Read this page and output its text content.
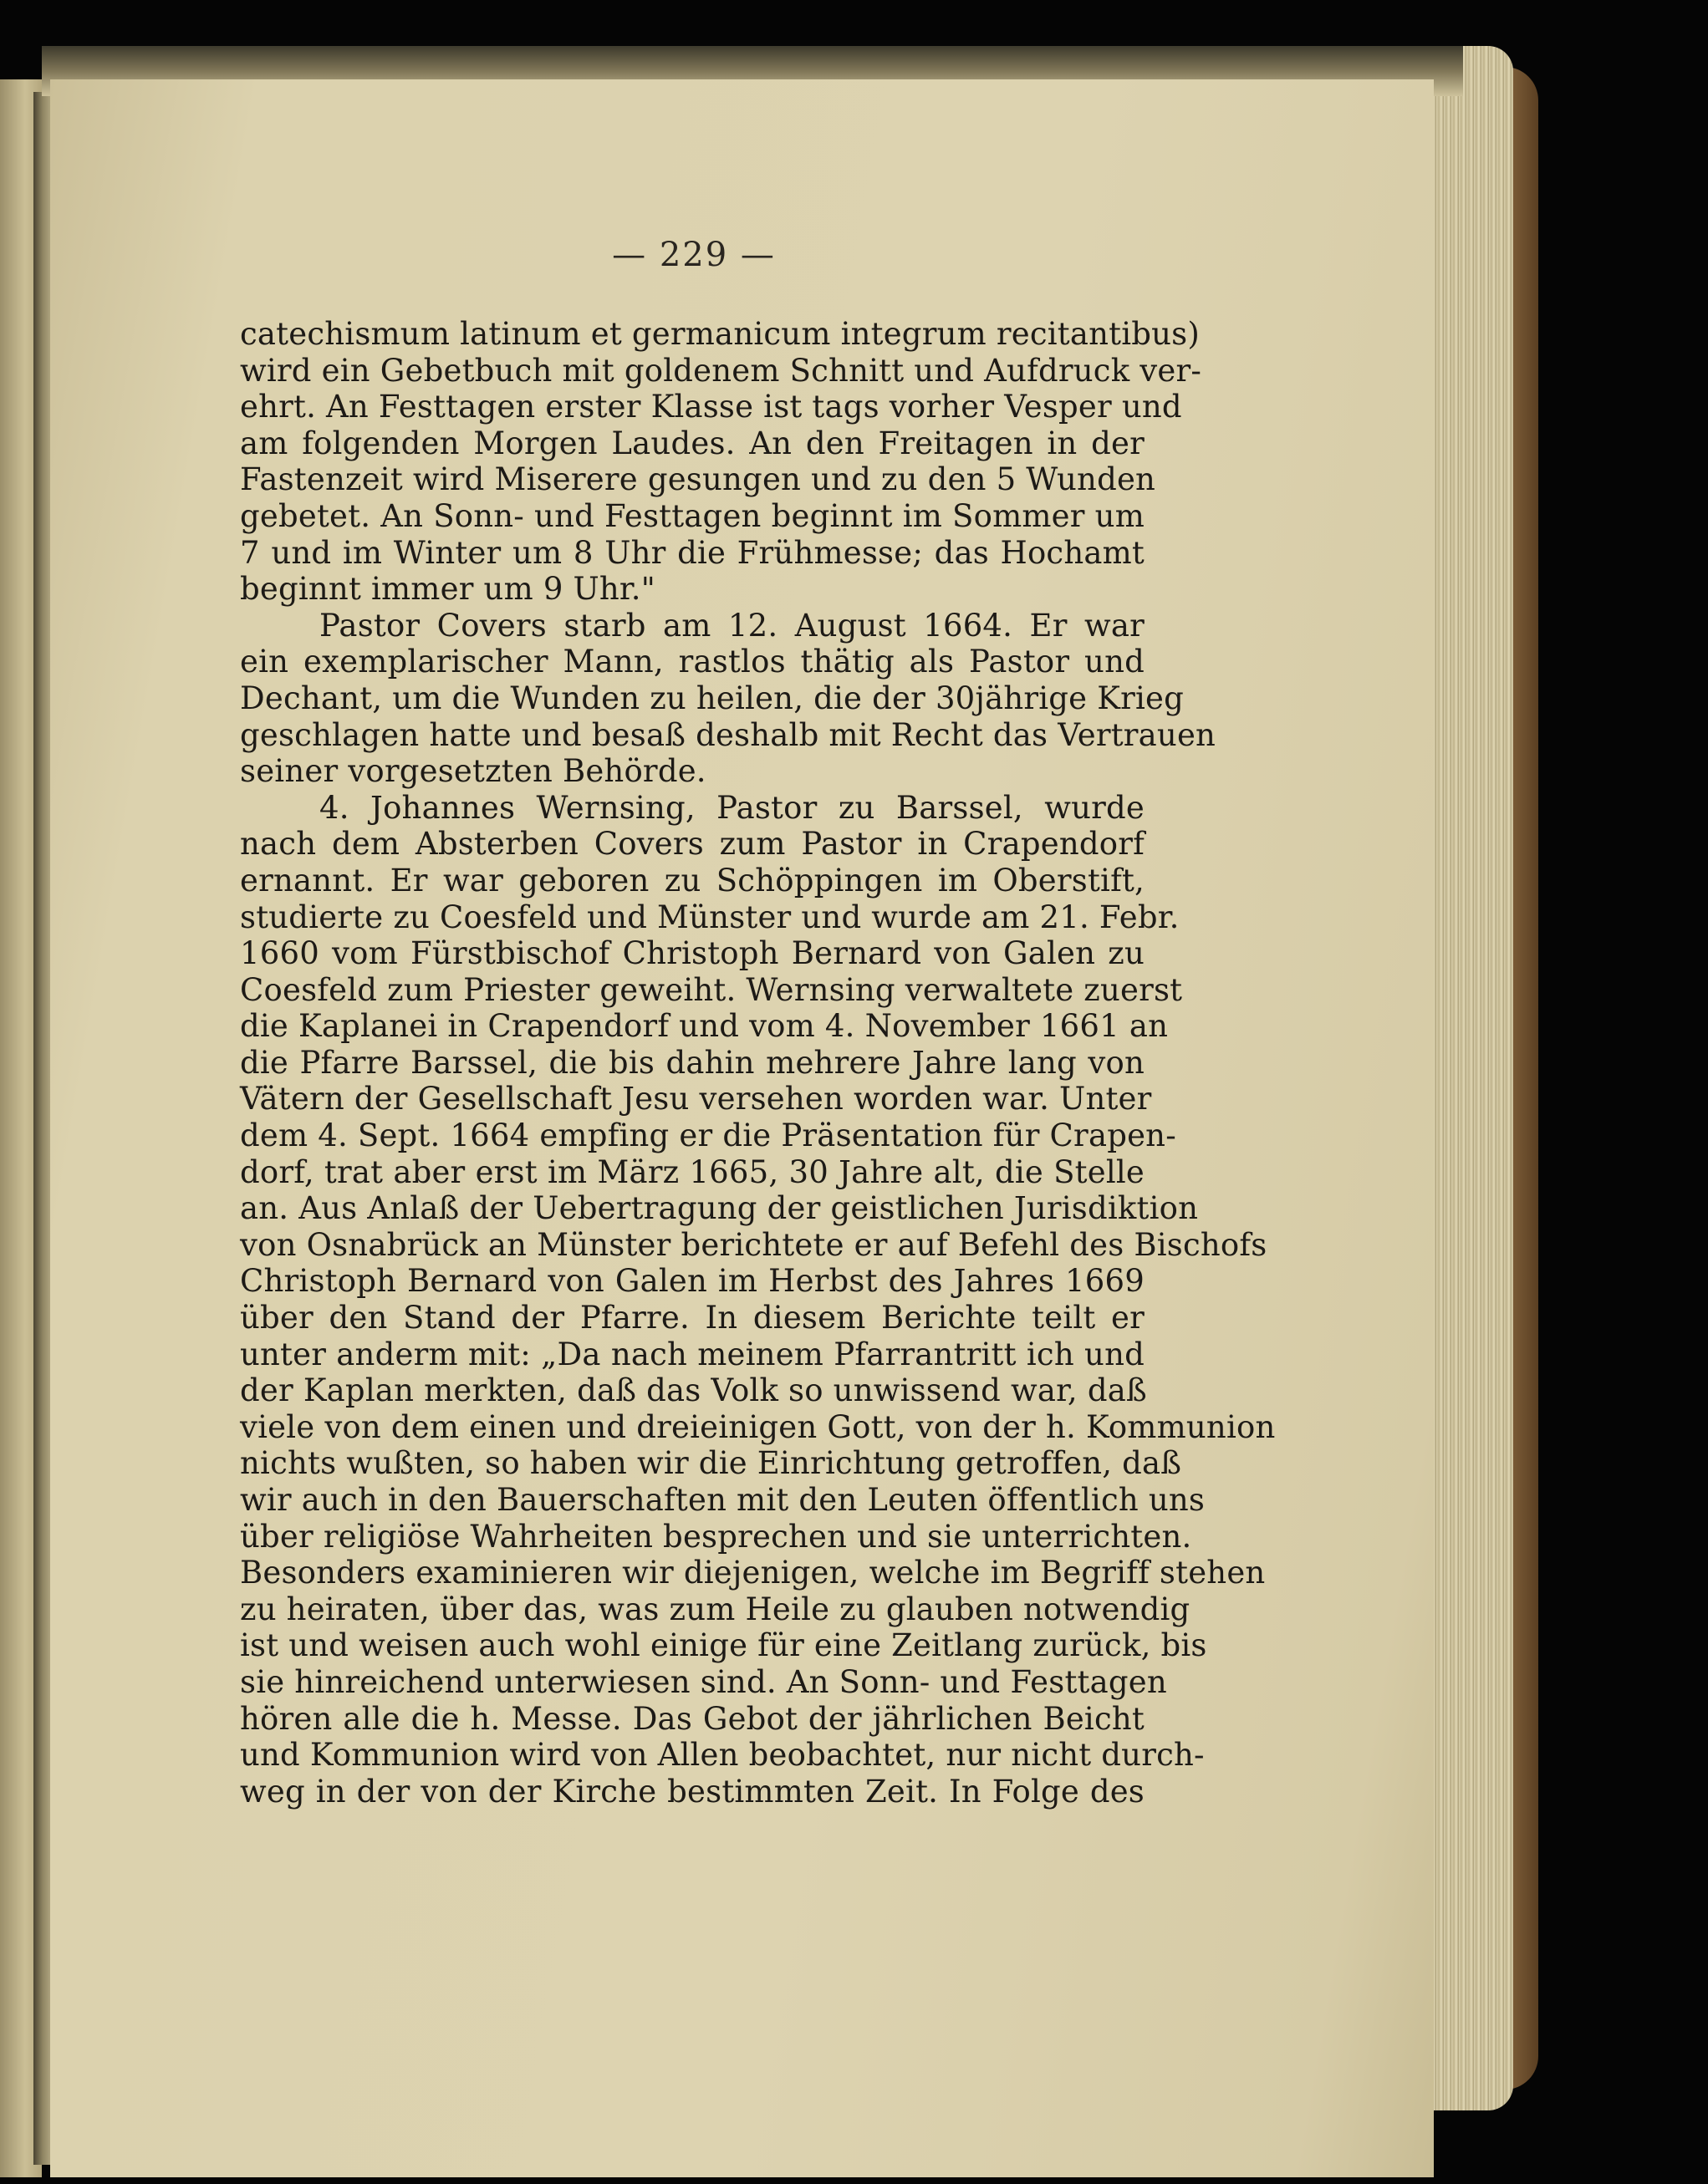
— 229 —
catechismum latinum et germanicum integrum recitantibus)
wird ein Gebetbuch mit goldenem Schnitt und Aufdruck ver-
ehrt. An Festtagen erster Klasse ist tags vorher Vesper und
am folgenden Morgen Laudes. An den Freitagen in der
Fastenzeit wird Miserere gesungen und zu den 5 Wunden
gebetet. An Sonn- und Festtagen beginnt im Sommer um
7 und im Winter um 8 Uhr die Frühmesse; das Hochamt
beginnt immer um 9 Uhr."
Pastor Covers starb am 12. August 1664. Er war
ein exemplarischer Mann, rastlos thätig als Pastor und
Dechant, um die Wunden zu heilen, die der 30jährige Krieg
geschlagen hatte und besaß deshalb mit Recht das Vertrauen
seiner vorgesetzten Behörde.
4. Johannes Wernsing, Pastor zu Barssel, wurde
nach dem Absterben Covers zum Pastor in Crapendorf
ernannt. Er war geboren zu Schöppingen im Oberstift,
studierte zu Coesfeld und Münster und wurde am 21. Febr.
1660 vom Fürstbischof Christoph Bernard von Galen zu
Coesfeld zum Priester geweiht. Wernsing verwaltete zuerst
die Kaplanei in Crapendorf und vom 4. November 1661 an
die Pfarre Barssel, die bis dahin mehrere Jahre lang von
Vätern der Gesellschaft Jesu versehen worden war. Unter
dem 4. Sept. 1664 empfing er die Präsentation für Crapen-
dorf, trat aber erst im März 1665, 30 Jahre alt, die Stelle
an. Aus Anlaß der Uebertragung der geistlichen Jurisdiktion
von Osnabrück an Münster berichtete er auf Befehl des Bischofs
Christoph Bernard von Galen im Herbst des Jahres 1669
über den Stand der Pfarre. In diesem Berichte teilt er
unter anderm mit: „Da nach meinem Pfarrantritt ich und
der Kaplan merkten, daß das Volk so unwissend war, daß
viele von dem einen und dreieinigen Gott, von der h. Kommunion
nichts wußten, so haben wir die Einrichtung getroffen, daß
wir auch in den Bauerschaften mit den Leuten öffentlich uns
über religiöse Wahrheiten besprechen und sie unterrichten.
Besonders examinieren wir diejenigen, welche im Begriff stehen
zu heiraten, über das, was zum Heile zu glauben notwendig
ist und weisen auch wohl einige für eine Zeitlang zurück, bis
sie hinreichend unterwiesen sind. An Sonn- und Festtagen
hören alle die h. Messe. Das Gebot der jährlichen Beicht
und Kommunion wird von Allen beobachtet, nur nicht durch-
weg in der von der Kirche bestimmten Zeit. In Folge des
